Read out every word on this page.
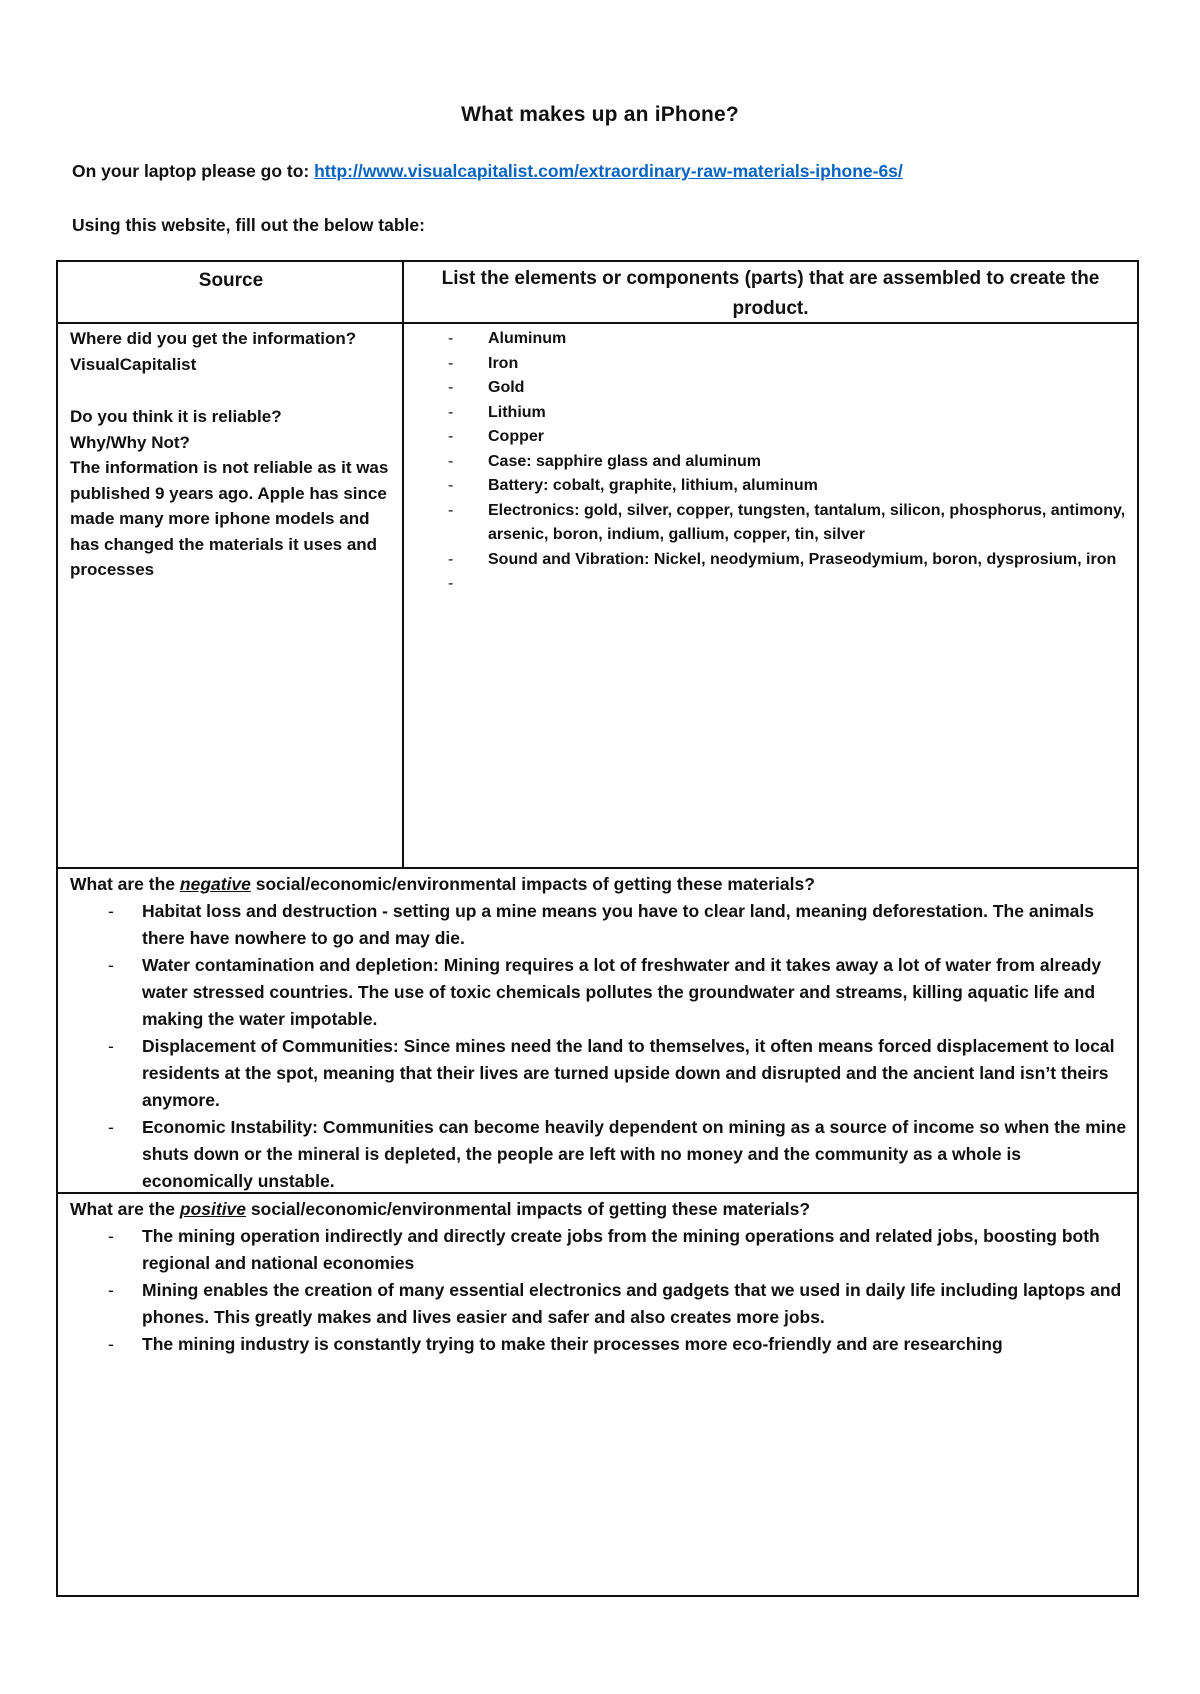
What makes up an iPhone?
On your laptop please go to: http://www.visualcapitalist.com/extraordinary-raw-materials-iphone-6s/
Using this website, fill out the below table:
Source	List the elements or components (parts) that are assembled to create the product.

Where did you get the information?

VisualCapitalist

Do you think it is reliable?

Why/Why Not?

The information is not reliable as it was published 9 years ago. Apple has since made many more iphone models and has changed the materials it uses and processes

- Aluminum
- Iron
- Gold
- Lithium
- Copper
- Case: sapphire glass and aluminum
- Battery: cobalt, graphite, lithium, aluminum
- Electronics: gold, silver, copper, tungsten, tantalum, silicon, phosphorus, antimony, arsenic, boron, indium, gallium, copper, tin, silver
- Sound and Vibration: Nickel, neodymium, Praseodymium, boron, dysprosium, iron
-

What are the negative social/economic/environmental impacts of getting these materials?

- Habitat loss and destruction - setting up a mine means you have to clear land, meaning deforestation. The animals there have nowhere to go and may die.
- Water contamination and depletion: Mining requires a lot of freshwater and it takes away a lot of water from already water stressed countries. The use of toxic chemicals pollutes the groundwater and streams, killing aquatic life and making the water impotable.
- Displacement of Communities: Since mines need the land to themselves, it often means forced displacement to local residents at the spot, meaning that their lives are turned upside down and disrupted and the ancient land isn’t theirs anymore.
- Economic Instability: Communities can become heavily dependent on mining as a source of income so when the mine shuts down or the mineral is depleted, the people are left with no money and the community as a whole is economically unstable.

What are the positive social/economic/environmental impacts of getting these materials?

- The mining operation indirectly and directly create jobs from the mining operations and related jobs, boosting both regional and national economies
- Mining enables the creation of many essential electronics and gadgets that we used in daily life including laptops and phones. This greatly makes and lives easier and safer and also creates more jobs.
- The mining industry is constantly trying to make their processes more eco-friendly and are researching
